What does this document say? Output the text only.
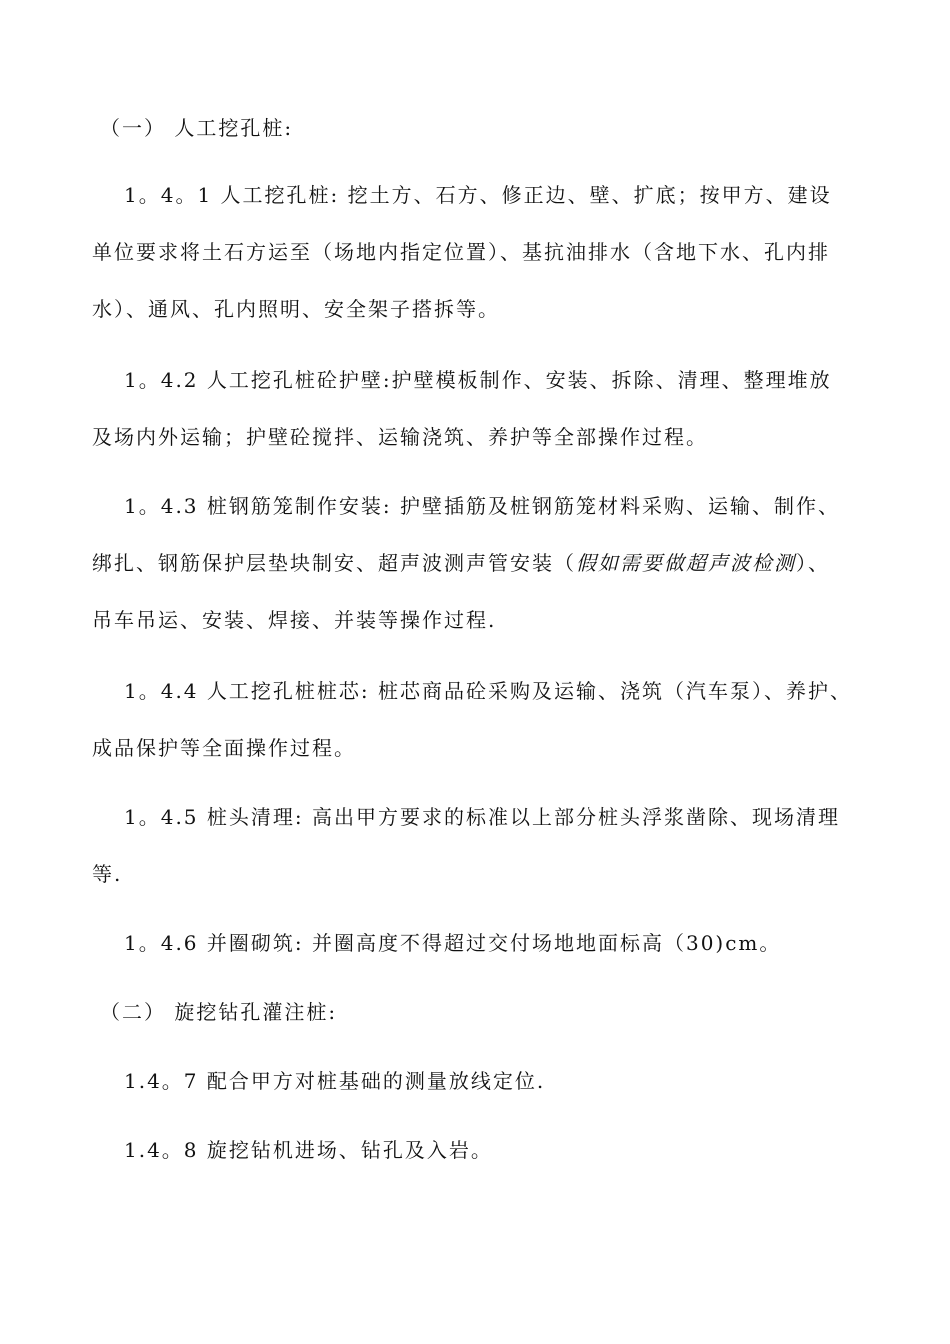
（一） 人工挖孔桩:
1。4。1 人工挖孔桩: 挖土方、石方、修正边、壁、扩底；按甲方、建设
单位要求将土石方运至（场地内指定位置）、基抗油排水（含地下水、孔内排
水）、通风、孔内照明、安全架子搭拆等。
1。4.2 人工挖孔桩砼护壁:护壁模板制作、安装、拆除、清理、整理堆放
及场内外运输；护壁砼搅拌、运输浇筑、养护等全部操作过程。
1。4.3 桩钢筋笼制作安装: 护壁插筋及桩钢筋笼材料采购、运输、制作、
绑扎、钢筋保护层垫块制安、超声波测声管安装（假如需要做超声波检测）、
吊车吊运、安装、焊接、并装等操作过程.
1。4.4 人工挖孔桩桩芯: 桩芯商品砼采购及运输、浇筑（汽车泵）、养护、
成品保护等全面操作过程。
1。4.5 桩头清理: 高出甲方要求的标准以上部分桩头浮浆凿除、现场清理
等.
1。4.6 并圈砌筑: 并圈高度不得超过交付场地地面标高（30)cm。
（二） 旋挖钻孔灌注桩:
1.4。7 配合甲方对桩基础的测量放线定位.
1.4。8 旋挖钻机进场、钻孔及入岩。
